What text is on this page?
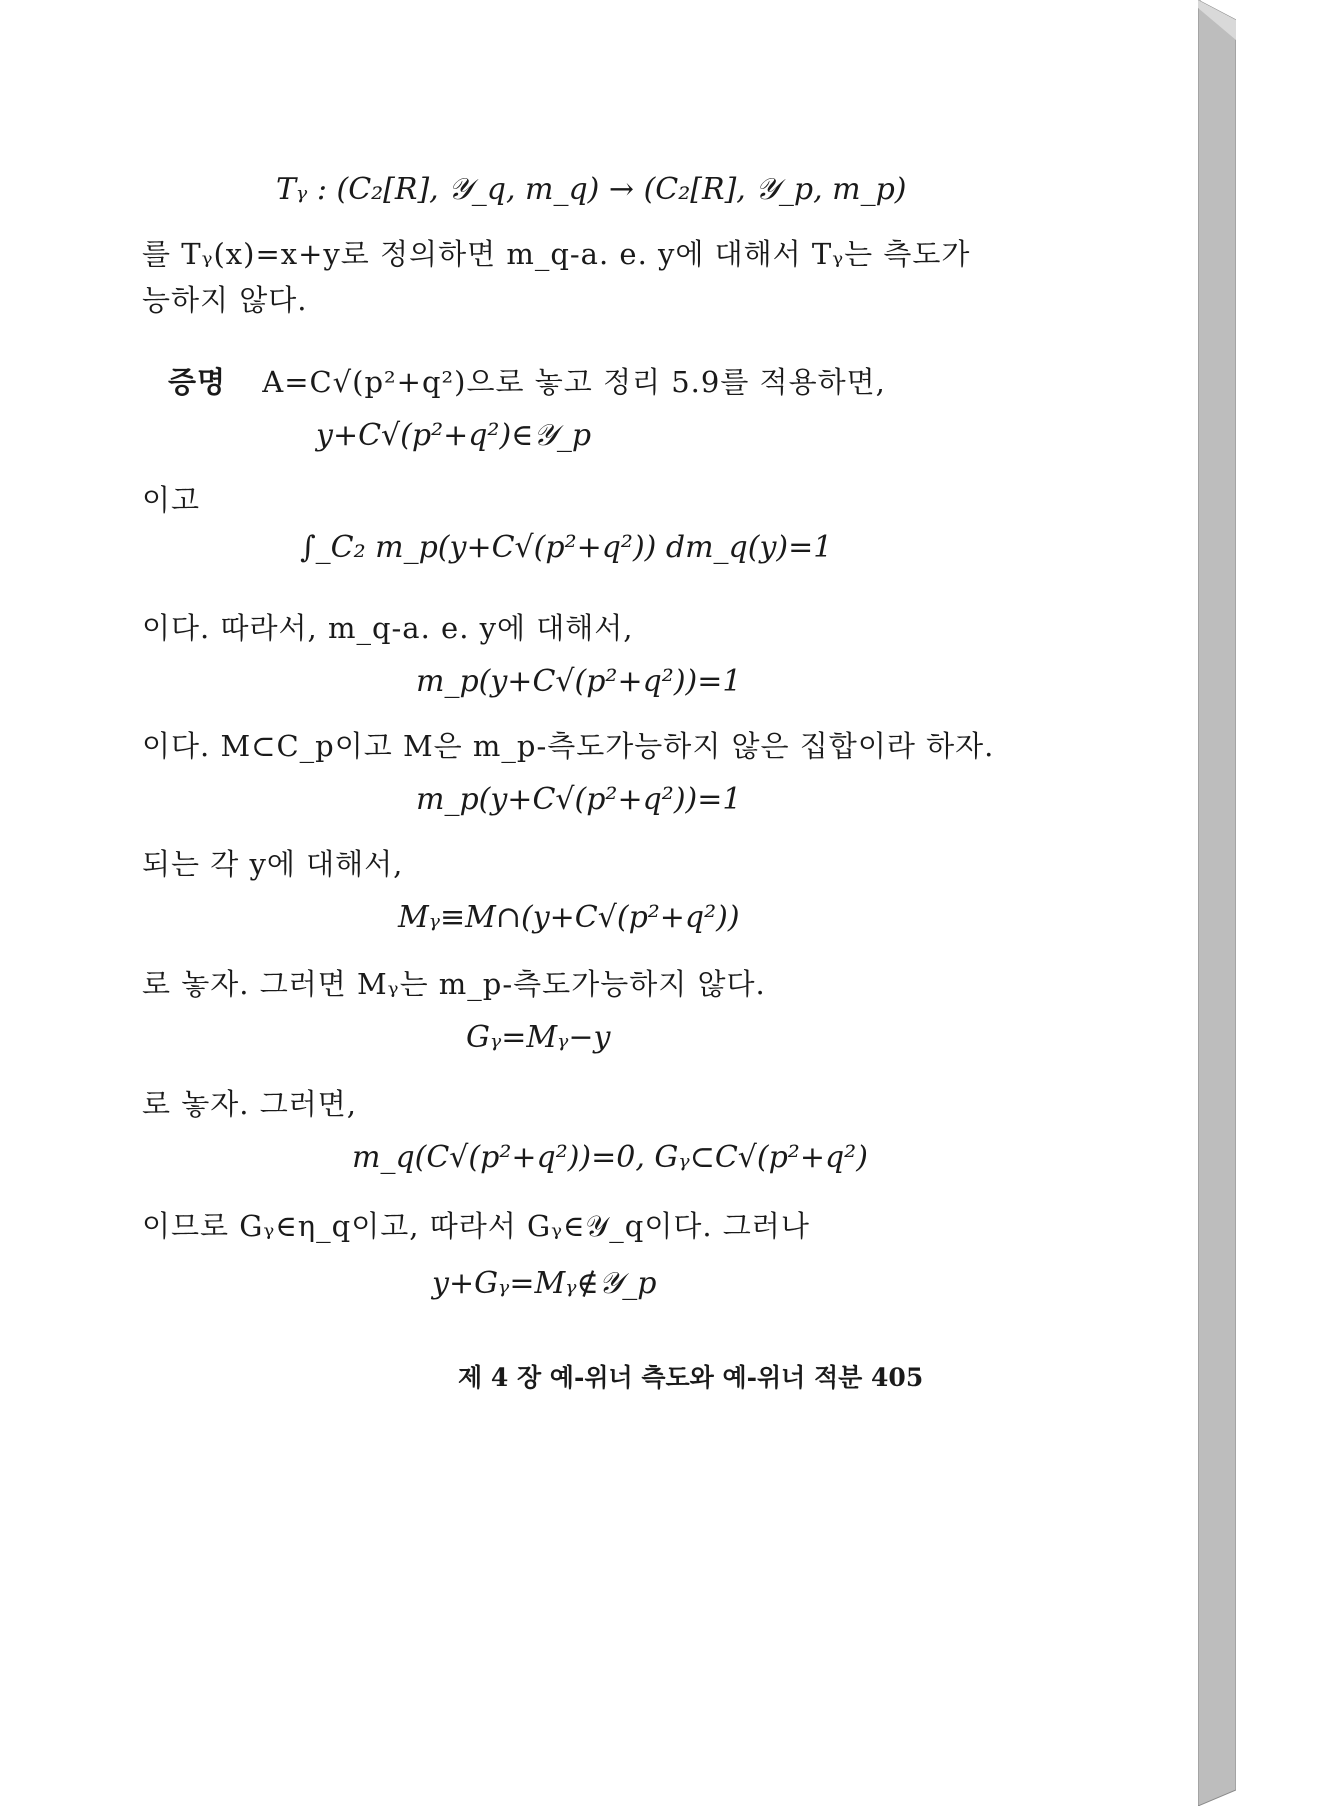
Tᵧ : (C₂[R], 𝒴_q, m_q) → (C₂[R], 𝒴_p, m_p)
를 Tᵧ(x)=x+y로 정의하면 m_q-a. e. y에 대해서 Tᵧ는 측도가
능하지 않다.
증명 A=C√(p²+q²)으로 놓고 정리 5.9를 적용하면,
y+C√(p²+q²)∈𝒴_p
이고
∫_C₂ m_p(y+C√(p²+q²)) dm_q(y)=1
이다. 따라서, m_q-a. e. y에 대해서,
m_p(y+C√(p²+q²))=1
이다. M⊂C_p이고 M은 m_p-측도가능하지 않은 집합이라 하자.
m_p(y+C√(p²+q²))=1
되는 각 y에 대해서,
Mᵧ≡M∩(y+C√(p²+q²))
로 놓자. 그러면 Mᵧ는 m_p-측도가능하지 않다.
Gᵧ=Mᵧ−y
로 놓자. 그러면,
m_q(C√(p²+q²))=0, Gᵧ⊂C√(p²+q²)
이므로 Gᵧ∈η_q이고, 따라서 Gᵧ∈𝒴_q이다. 그러나
y+Gᵧ=Mᵧ∉𝒴_p
제 4 장 예-위너 측도와 예-위너 적분 405
